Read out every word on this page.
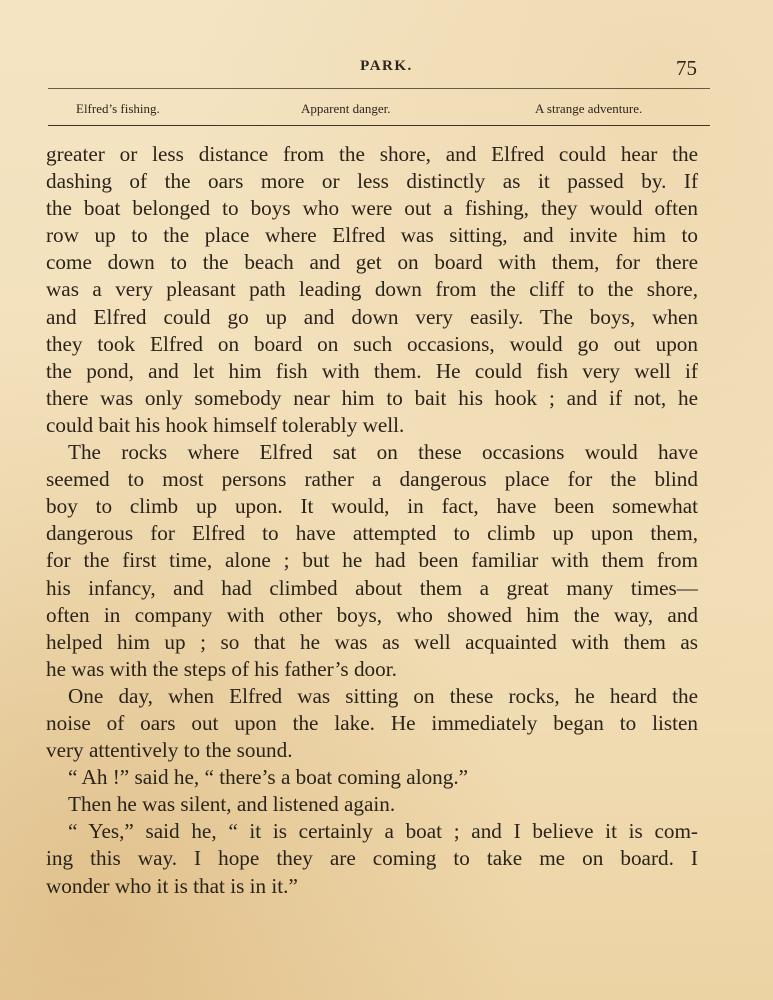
PARK.	75
Elfred’s fishing.	Apparent danger.	A strange adventure.
greater or less distance from the shore, and Elfred could hear the
dashing of the oars more or less distinctly as it passed by. If
the boat belonged to boys who were out a fishing, they would often
row up to the place where Elfred was sitting, and invite him to
come down to the beach and get on board with them, for there
was a very pleasant path leading down from the cliff to the shore,
and Elfred could go up and down very easily. The boys, when
they took Elfred on board on such occasions, would go out upon
the pond, and let him fish with them. He could fish very well if
there was only somebody near him to bait his hook ; and if not, he
could bait his hook himself tolerably well.
The rocks where Elfred sat on these occasions would have
seemed to most persons rather a dangerous place for the blind
boy to climb up upon. It would, in fact, have been somewhat
dangerous for Elfred to have attempted to climb up upon them,
for the first time, alone ; but he had been familiar with them from
his infancy, and had climbed about them a great many times—
often in company with other boys, who showed him the way, and
helped him up ; so that he was as well acquainted with them as
he was with the steps of his father’s door.
One day, when Elfred was sitting on these rocks, he heard the
noise of oars out upon the lake. He immediately began to listen
very attentively to the sound.
“ Ah !” said he, “ there’s a boat coming along.”
Then he was silent, and listened again.
“ Yes,” said he, “ it is certainly a boat ; and I believe it is com-
ing this way. I hope they are coming to take me on board. I
wonder who it is that is in it.”
